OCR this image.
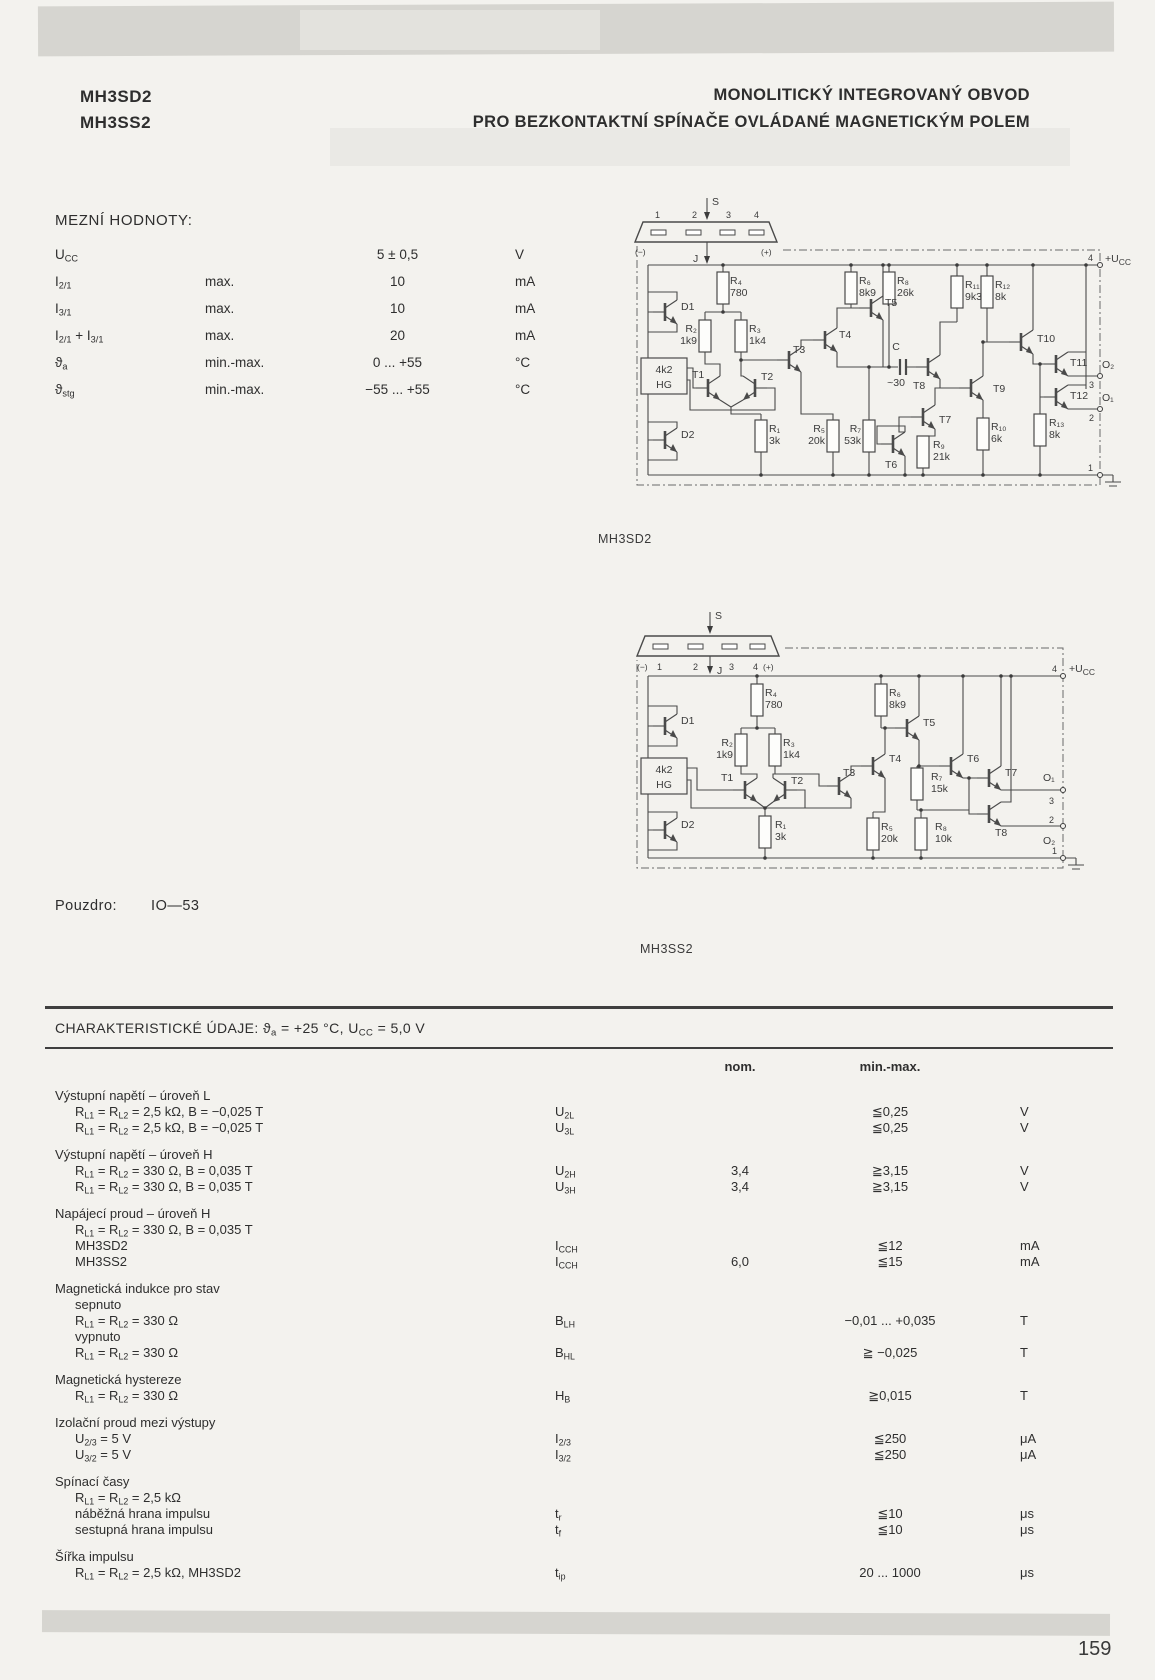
MH3SD2
MH3SS2
MONOLITICKÝ INTEGROVANÝ OBVOD
PRO BEZKONTAKTNÍ SPÍNAČE OVLÁDANÉ MAGNETICKÝM POLEM
MEZNÍ HODNOTY:
$U_{CC}$	5 ± 0,5	V
$I_{2/1}$	max.	10	mA
$I_{3/1}$	max.	10	mA
$I_{2/1} + I_{3/1}$	max.	20	mA
$ϑ_a$	min.-max.	0 ... +55	°C
$ϑ_{stg}$	min.-max.	−55 ... +55	°C
1	2	3	4
S
(−)	(+)
J
4k2
HG
D1
D2
T1	T2
T3
T4
T5
T6
T7
T8	T9
T10
T11
T12
R₁
3k
R₂
1k9
R₃
1k4
R₄
780
R₅
20k
R₆
8k9
R₇
53k
R₈
26k
R₉
21k
R₁₀
6k
R₁₁
9k3
R₁₂
8k
R₁₃
8k
C
~30
$4 +U_{CC}$
O₂
3
O₁
2
1
MH3SD2
(−) 1	2	3 4 (+)
S
J
4k2
HG
D1
D2
T1	T2
T3
T4
T5
T6
T7
T8
R₁
3k
R₂
1k9
R₃
1k4
R₄
780
R₅
20k
R₆
8k9
R₇
15k
R₈
10k
$4 +U_{CC}$
O₁
3
2
O₂
1
MH3SS2
Pouzdro: IO—53
CHARAKTERISTICKÉ ÚDAJE: $ϑ_a = +25$ °C, $U_{CC} = 5,0$ V
nom.	min.-max.
Výstupní napětí – úroveň L
$R_{L1} = R_{L2} = 2,5$ kΩ, B = −0,025 T	$U_{2L}$	≦0,25	V
$R_{L1} = R_{L2} = 2,5$ kΩ, B = −0,025 T	$U_{3L}$	≦0,25	V
Výstupní napětí – úroveň H
$R_{L1} = R_{L2} = 330$ Ω, B = 0,035 T	$U_{2H}$	3,4	≧3,15	V
$R_{L1} = R_{L2} = 330$ Ω, B = 0,035 T	$U_{3H}$	3,4	≧3,15	V
Napájecí proud – úroveň H
$R_{L1} = R_{L2} = 330$ Ω, B = 0,035 T
MH3SD2	$I_{CCH}$	≦12	mA
MH3SS2	$I_{CCH}$	6,0	≦15	mA
Magnetická indukce pro stav
sepnuto
$R_{L1} = R_{L2} = 330$ Ω	$B_{LH}$	−0,01 ... +0,035	T
vypnuto
$R_{L1} = R_{L2} = 330$ Ω	$B_{HL}$	≧ −0,025	T
Magnetická hystereze
$R_{L1} = R_{L2} = 330$ Ω	$H_B$	≧0,015	T
Izolační proud mezi výstupy
$U_{2/3} = 5$ V	$I_{2/3}$	≦250	μA
$U_{3/2} = 5$ V	$I_{3/2}$	≦250	μA
Spínací časy
$R_{L1} = R_{L2} = 2,5$ kΩ
náběžná hrana impulsu	$t_r$	≦10	μs
sestupná hrana impulsu	$t_f$	≦10	μs
Šířka impulsu
$R_{L1} = R_{L2} = 2,5$ kΩ, MH3SD2	$t_{ip}$	20 ... 1000	μs
159
